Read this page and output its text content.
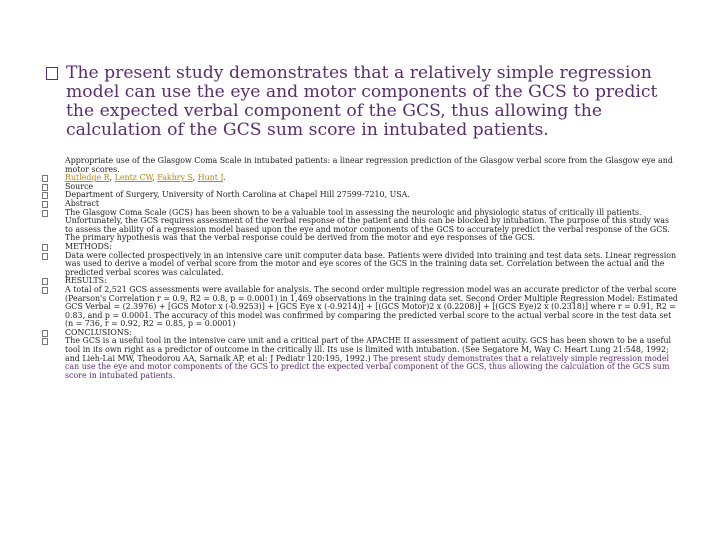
The present study demonstrates that a relatively simple regression model can use the eye and motor components of the GCS to predict the expected verbal component of the GCS, thus allowing the calculation of the GCS sum score in intubated patients.

Appropriate use of the Glasgow Coma Scale in intubated patients: a linear regression prediction of the Glasgow verbal score from the Glasgow eye and motor scores.
Rutledge R, Lentz CW, Fakhry S, Hunt J.
Source
Department of Surgery, University of North Carolina at Chapel Hill 27599-7210, USA.
Abstract
The Glasgow Coma Scale (GCS) has been shown to be a valuable tool in assessing the neurologic and physiologic status of critically ill patients. Unfortunately, the GCS requires assessment of the verbal response of the patient and this can be blocked by intubation. The purpose of this study was to assess the ability of a regression model based upon the eye and motor components of the GCS to accurately predict the verbal response of the GCS. The primary hypothesis was that the verbal response could be derived from the motor and eye responses of the GCS.
METHODS:
Data were collected prospectively in an intensive care unit computer data base. Patients were divided into training and test data sets. Linear regression was used to derive a model of verbal score from the motor and eye scores of the GCS in the training data set. Correlation between the actual and the predicted verbal scores was calculated.
RESULTS:
A total of 2,521 GCS assessments were available for analysis. The second order multiple regression model was an accurate predictor of the verbal score (Pearson's Correlation r = 0.9, R2 = 0.8, p = 0.0001) in 1,469 observations in the training data set. Second Order Multiple Regression Model: Estimated GCS Verbal = (2.3976) + [GCS Motor x (-0.9253)] + [GCS Eye x (-0.9214)] + [(GCS Motor)2 x (0.2208)] + [(GCS Eye)2 x (0.2318)] where r = 0.91, R2 = 0.83, and p = 0.0001. The accuracy of this model was confirmed by comparing the predicted verbal score to the actual verbal score in the test data set (n = 736, r = 0.92, R2 = 0.85, p = 0.0001)
CONCLUSIONS:
The GCS is a useful tool in the intensive care unit and a critical part of the APACHE II assessment of patient acuity. GCS has been shown to be a useful tool in its own right as a predictor of outcome in the critically ill. Its use is limited with intubation. (See Segatore M, Way C: Heart Lung 21:548, 1992; and Lieh-Lai MW, Theodorou AA, Sarnaik AP, et al: J Pediatr 120:195, 1992.) The present study demonstrates that a relatively simple regression model can use the eye and motor components of the GCS to predict the expected verbal component of the GCS, thus allowing the calculation of the GCS sum score in intubated patients.
